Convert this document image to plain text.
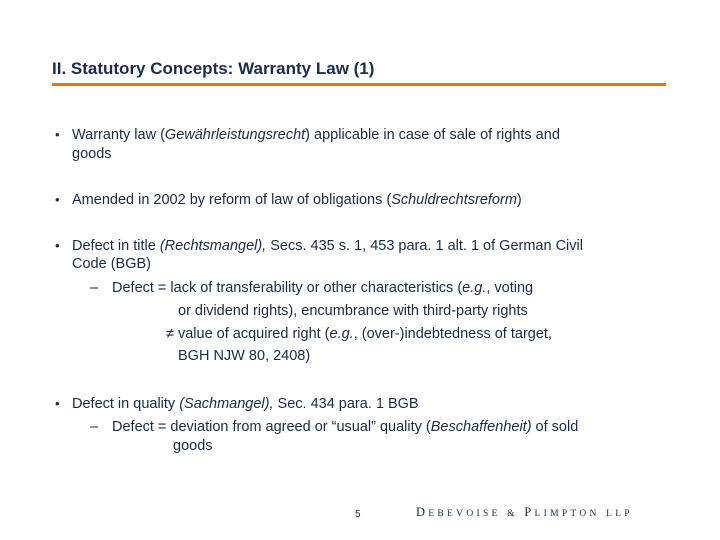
II. Statutory Concepts: Warranty Law (1)
• Warranty law (Gewährleistungsrecht) applicable in case of sale of rights and

goods

• Amended in 2002 by reform of law of obligations (Schuldrechtsreform)

• Defect in title (Rechtsmangel), Secs. 435 s. 1, 453 para. 1 alt. 1 of German Civil

Code (BGB)

– Defect = lack of transferability or other characteristics (e.g., voting

or dividend rights), encumbrance with third-party rights

≠ value of acquired right (e.g., (over-)indebtedness of target,

BGH NJW 80, 2408)

• Defect in quality (Sachmangel), Sec. 434 para. 1 BGB

– Defect = deviation from agreed or “usual” quality (Beschaffenheit) of sold

goods

5	DEBEVOISE & PLIMPTON LLP
